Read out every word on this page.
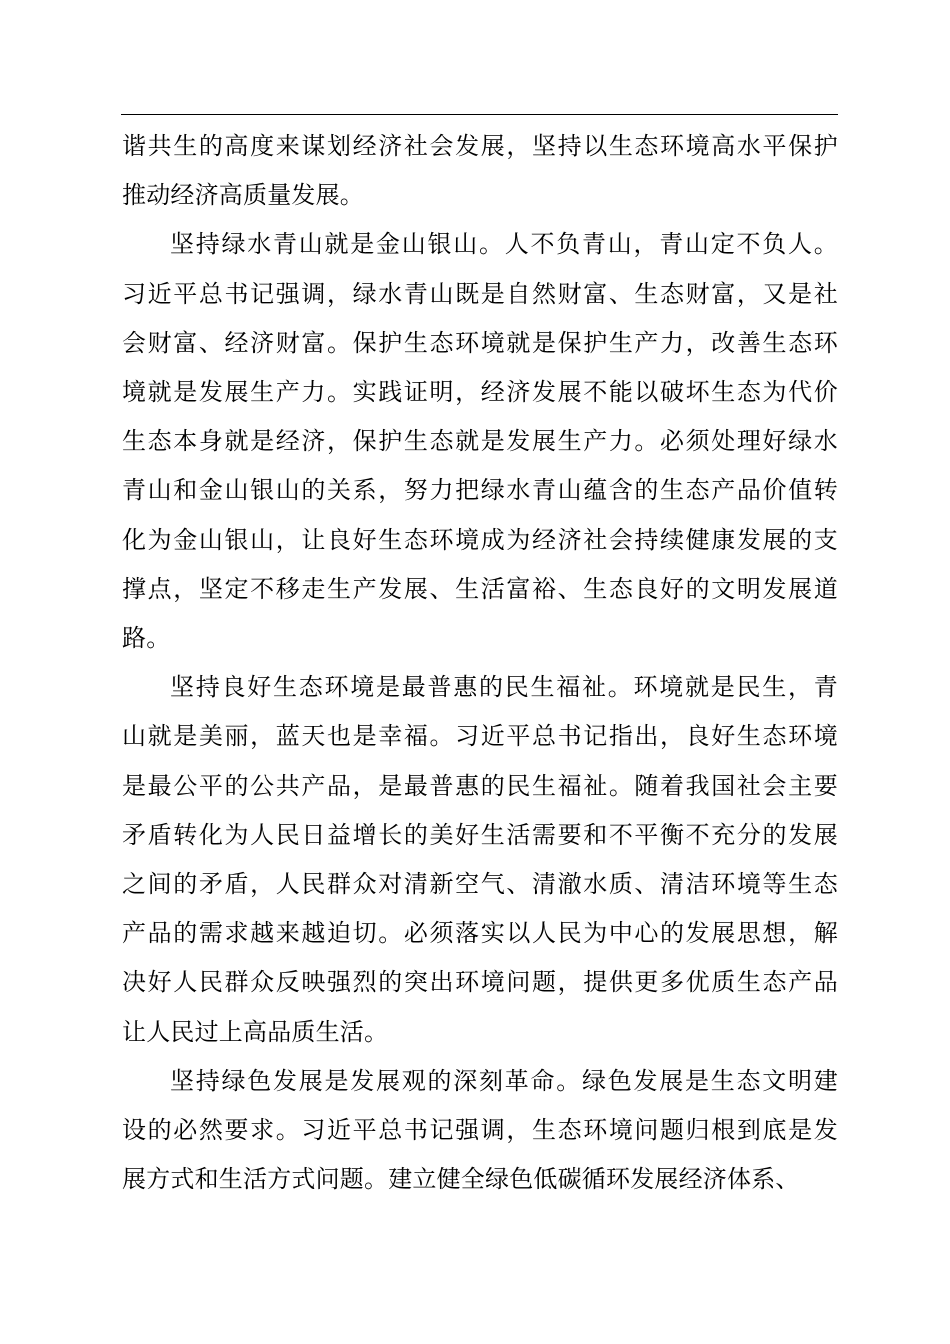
谐共生的高度来谋划经济社会发展，坚持以生态环境高水平保护
推动经济高质量发展。
坚持绿水青山就是金山银山。人不负青山，青山定不负人。
习近平总书记强调，绿水青山既是自然财富、生态财富，又是社
会财富、经济财富。保护生态环境就是保护生产力，改善生态环
境就是发展生产力。实践证明，经济发展不能以破坏生态为代价
生态本身就是经济，保护生态就是发展生产力。必须处理好绿水
青山和金山银山的关系，努力把绿水青山蕴含的生态产品价值转
化为金山银山，让良好生态环境成为经济社会持续健康发展的支
撑点，坚定不移走生产发展、生活富裕、生态良好的文明发展道
路。
坚持良好生态环境是最普惠的民生福祉。环境就是民生，青
山就是美丽，蓝天也是幸福。习近平总书记指出，良好生态环境
是最公平的公共产品，是最普惠的民生福祉。随着我国社会主要
矛盾转化为人民日益增长的美好生活需要和不平衡不充分的发展
之间的矛盾，人民群众对清新空气、清澈水质、清洁环境等生态
产品的需求越来越迫切。必须落实以人民为中心的发展思想，解
决好人民群众反映强烈的突出环境问题，提供更多优质生态产品
让人民过上高品质生活。
坚持绿色发展是发展观的深刻革命。绿色发展是生态文明建
设的必然要求。习近平总书记强调，生态环境问题归根到底是发
展方式和生活方式问题。建立健全绿色低碳循环发展经济体系、
